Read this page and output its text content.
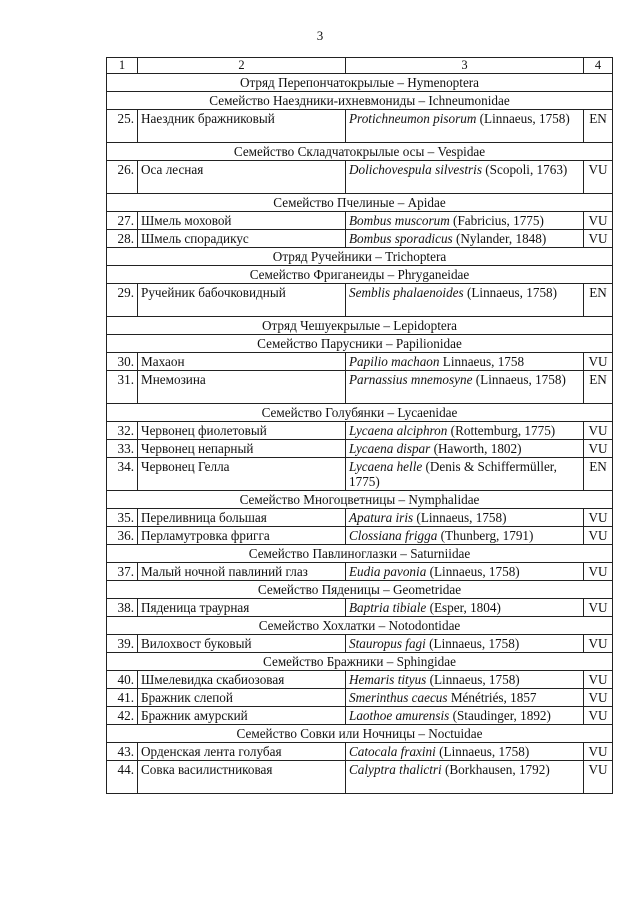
3
1	2	3	4
Отряд Перепончатокрылые – Hymenoptera			
Семейство Наездники-ихневмониды – Ichneumonidae			
25.	Наездник бражниковый	Protichneumon pisorum (Linnaeus, 1758)	EN
Семейство Складчатокрылые осы – Vespidae			
26.	Оса лесная	Dolichovespula silvestris (Scopoli, 1763)	VU
Семейство Пчелиные – Apidae			
27.	Шмель моховой	Bombus muscorum (Fabricius, 1775)	VU
28.	Шмель спорадикус	Bombus sporadicus (Nylander, 1848)	VU
Отряд Ручейники – Trichoptera			
Семейство Фриганеиды – Phryganeidae			
29.	Ручейник бабочковидный	Semblis phalaenoides (Linnaeus, 1758)	EN
Отряд Чешуекрылые – Lepidoptera			
Семейство Парусники – Papilionidae			
30.	Махаон	Papilio machaon Linnaeus, 1758	VU
31.	Мнемозина	Parnassius mnemosyne (Linnaeus, 1758)	EN
Семейство Голубянки – Lycaenidae			
32.	Червонец фиолетовый	Lycaena alciphron (Rottemburg, 1775)	VU
33.	Червонец непарный	Lycaena dispar (Haworth, 1802)	VU
34.	Червонец Гелла	Lycaena helle (Denis & Schiffermüller, 1775)	EN
Семейство Многоцветницы – Nymphalidae			
35.	Переливница большая	Apatura iris (Linnaeus, 1758)	VU
36.	Перламутровка фригга	Clossiana frigga (Thunberg, 1791)	VU
Семейство Павлиноглазки – Saturniidae			
37.	Малый ночной павлиний глаз	Eudia pavonia (Linnaeus, 1758)	VU
Семейство Пяденицы – Geometridae			
38.	Пяденица траурная	Baptria tibiale (Esper, 1804)	VU
Семейство Хохлатки – Notodontidae			
39.	Вилохвост буковый	Stauropus fagi (Linnaeus, 1758)	VU
Семейство Бражники – Sphingidae			
40.	Шмелевидка скабиозовая	Hemaris tityus (Linnaeus, 1758)	VU
41.	Бражник слепой	Smerinthus caecus Ménétriés, 1857	VU
42.	Бражник амурский	Laothoe amurensis (Staudinger, 1892)	VU
Семейство Совки или Ночницы – Noctuidae			
43.	Орденская лента голубая	Catocala fraxini (Linnaeus, 1758)	VU
44.	Совка василистниковая	Calyptra thalictri (Borkhausen, 1792)	VU
